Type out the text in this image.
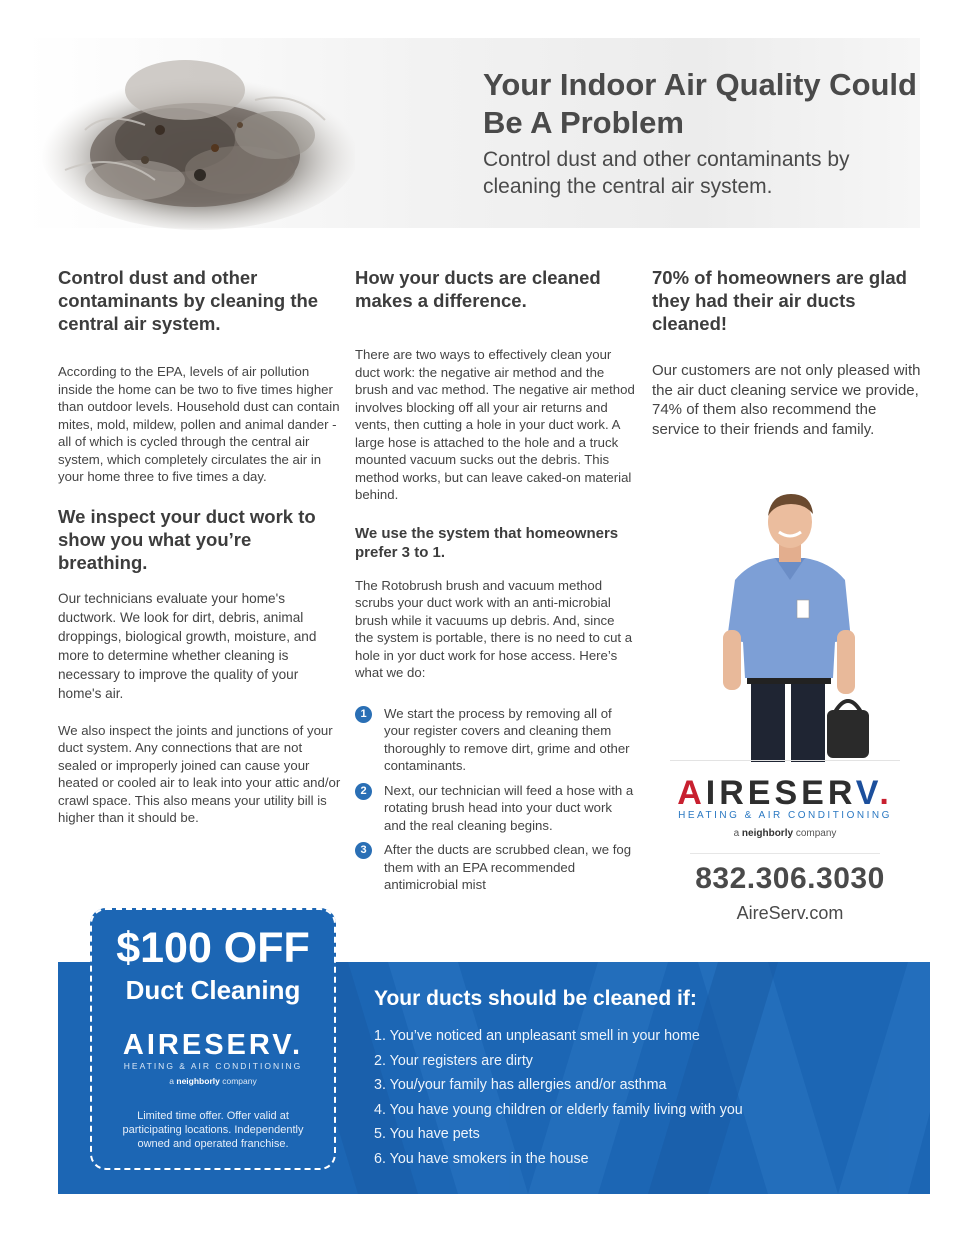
Your Indoor Air Quality Could Be A Problem

Control dust and other contaminants by cleaning the central air system.

Control dust and other contaminants by cleaning the central air system.

According to the EPA, levels of air pollution inside the home can be two to five times higher than outdoor levels. Household dust can contain mites, mold, mildew, pollen and animal dander - all of which is cycled through the central air system, which completely circulates the air in your home three to five times a day.

We inspect your duct work to show you what you’re breathing.

Our technicians evaluate your home's ductwork. We look for dirt, debris, animal droppings, biological growth, moisture, and more to determine whether cleaning is necessary to improve the quality of your home's air.

We also inspect the joints and junctions of your duct system. Any connections that are not sealed or improperly joined can cause your heated or cooled air to leak into your attic and/or crawl space. This also means your utility bill is higher than it should be.

How your ducts are cleaned makes a difference.

There are two ways to effectively clean your duct work: the negative air method and the brush and vac method. The negative air method involves blocking off all your air returns and vents, then cutting a hole in your duct work. A large hose is attached to the hole and a truck mounted vacuum sucks out the debris. This method works, but can leave caked-on material behind.

We use the system that homeowners prefer 3 to 1.

The Rotobrush brush and vacuum method scrubs your duct work with an anti-microbial brush while it vacuums up debris. And, since the system is portable, there is no need to cut a hole in yor duct work for hose access. Here’s what we do:

1	We start the process by removing all of your register covers and cleaning them thoroughly to remove dirt, grime and other contaminants.
2	Next, our technician will feed a hose with a rotating brush head into your duct work and the real cleaning begins.
3	After the ducts are scrubbed clean, we fog them with an EPA recommended antimicrobial mist
70% of homeowners are glad they had their air ducts cleaned!

Our customers are not only pleased with the air duct cleaning service we provide, 74% of them also recommend the service to their friends and family.

AIRESERV.
HEATING & AIR CONDITIONING
a neighborly company
832.306.3030
AireServ.com
$100 OFF
Duct Cleaning
AIRESERV.
HEATING & AIR CONDITIONING
a neighborly company
Limited time offer. Offer valid at participating locations. Independently owned and operated franchise.
Your ducts should be cleaned if:
1. You’ve noticed an unpleasant smell in your home
2. Your registers are dirty
3. You/your family has allergies and/or asthma
4. You have young children or elderly family living with you
5. You have pets
6. You have smokers in the house
